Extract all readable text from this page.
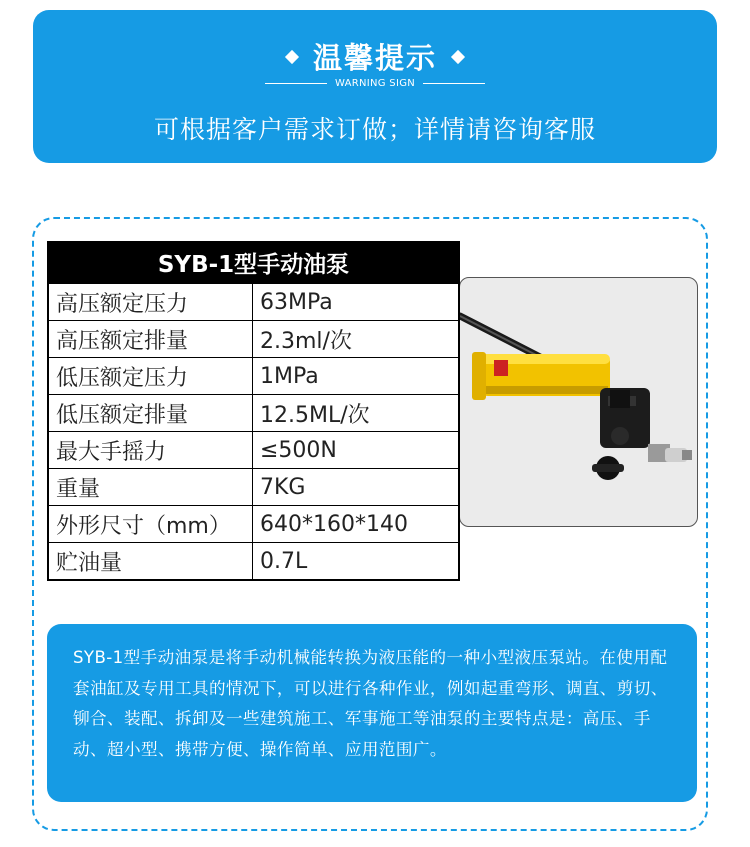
温馨提示
WARNING SIGN
可根据客户需求订做；详情请咨询客服
SYB-1型手动油泵	
高压额定压力	63MPa
高压额定排量	2.3ml/次
低压额定压力	1MPa
低压额定排量	12.5ML/次
最大手摇力	≤500N
重量	7KG
外形尺寸（mm）	640*160*140
贮油量	0.7L
SYB-1型手动油泵是将手动机械能转换为液压能的一种小型液压泵站。在使用配套油缸及专用工具的情况下，可以进行各种作业，例如起重弯形、调直、剪切、铆合、装配、拆卸及一些建筑施工、军事施工等油泵的主要特点是：高压、手动、超小型、携带方便、操作简单、应用范围广。
